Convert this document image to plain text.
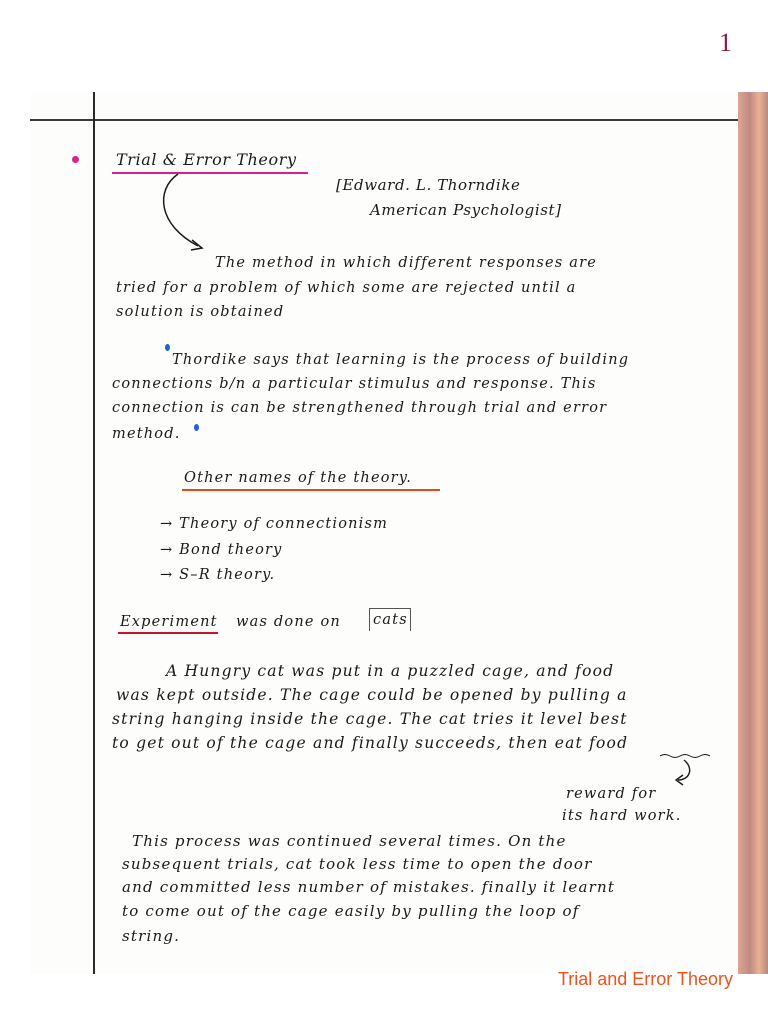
1
Trial & Error Theory
[Edward. L. Thorndike
American Psychologist]
The method in which different responses are
tried for a problem of which some are rejected until a
solution is obtained
Thordike says that learning is the process of building
connections b/n a particular stimulus and response. This
connection is can be strengthened through trial and error
method.
Other names of the theory.
→ Theory of connectionism
→ Bond theory
→ S–R theory.
Experiment was done on cats
A Hungry cat was put in a puzzled cage, and food
was kept outside. The cage could be opened by pulling a
string hanging inside the cage. The cat tries it level best
to get out of the cage and finally succeeds, then eat food
reward for
its hard work.
This process was continued several times. On the
subsequent trials, cat took less time to open the door
and committed less number of mistakes. finally it learnt
to come out of the cage easily by pulling the loop of
string.
Trial and Error Theory
